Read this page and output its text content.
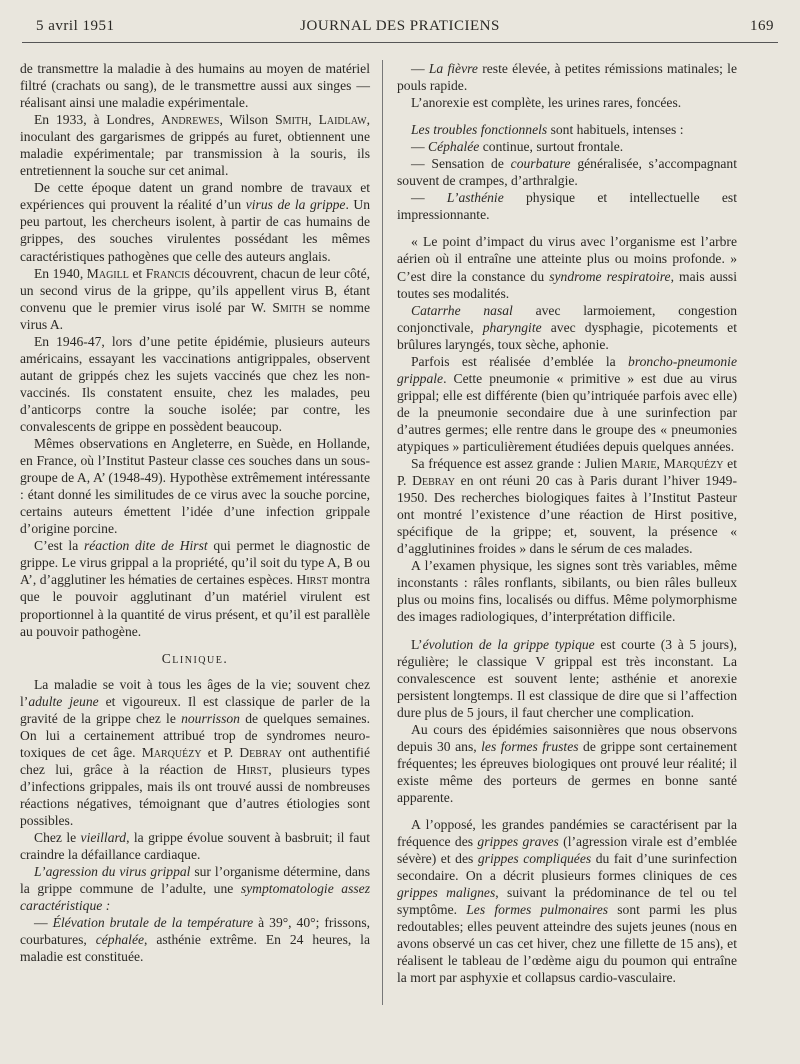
5 avril 1951	JOURNAL DES PRATICIENS	169

de transmettre la maladie à des humains au moyen de matériel filtré (crachats ou sang), de le transmettre aussi aux singes — réalisant ainsi une maladie expérimentale.

En 1933, à Londres, Andrewes, Wilson Smith, Laidlaw, inoculant des gargarismes de grippés au furet, obtiennent une maladie expérimentale; par transmission à la souris, ils entretiennent la souche sur cet animal.

De cette époque datent un grand nombre de travaux et expériences qui prouvent la réalité d’un virus de la grippe. Un peu partout, les chercheurs isolent, à partir de cas humains de grippes, des souches virulentes possédant les mêmes caractéristiques pathogènes que celle des auteurs anglais.

En 1940, Magill et Francis découvrent, chacun de leur côté, un second virus de la grippe, qu’ils appellent virus B, étant convenu que le premier virus isolé par W. Smith se nomme virus A.

En 1946-47, lors d’une petite épidémie, plusieurs auteurs américains, essayant les vaccinations antigrippales, observent autant de grippés chez les sujets vaccinés que chez les non-vaccinés. Ils constatent ensuite, chez les malades, peu d’anticorps contre la souche isolée; par contre, les convalescents de grippe en possèdent beaucoup.

Mêmes observations en Angleterre, en Suède, en Hollande, en France, où l’Institut Pasteur classe ces souches dans un sous-groupe de A, A’ (1948-49). Hypothèse extrêmement intéressante : étant donné les similitudes de ce virus avec la souche porcine, certains auteurs émettent l’idée d’une infection grippale d’origine porcine.

C’est la réaction dite de Hirst qui permet le diagnostic de grippe. Le virus grippal a la propriété, qu’il soit du type A, B ou A’, d’agglutiner les hématies de certaines espèces. Hirst montra que le pouvoir agglutinant d’un matériel virulent est proportionnel à la quantité de virus présent, et qu’il est parallèle au pouvoir pathogène.

Clinique.

La maladie se voit à tous les âges de la vie; souvent chez l’adulte jeune et vigoureux. Il est classique de parler de la gravité de la grippe chez le nourrisson de quelques semaines. On lui a certainement attribué trop de syndromes neuro-toxiques de cet âge. Marquézy et P. Debray ont authentifié chez lui, grâce à la réaction de Hirst, plusieurs types d’infections grippales, mais ils ont trouvé aussi de nombreuses réactions négatives, témoignant que d’autres étiologies sont possibles.

Chez le vieillard, la grippe évolue souvent à basbruit; il faut craindre la défaillance cardiaque.

L’agression du virus grippal sur l’organisme détermine, dans la grippe commune de l’adulte, une symptomatologie assez caractéristique :

— Élévation brutale de la température à 39°, 40°; frissons, courbatures, céphalée, asthénie extrême. En 24 heures, la maladie est constituée.

— La fièvre reste élevée, à petites rémissions matinales; le pouls rapide.

L’anorexie est complète, les urines rares, foncées.

Les troubles fonctionnels sont habituels, intenses :

— Céphalée continue, surtout frontale.

— Sensation de courbature généralisée, s’accompagnant souvent de crampes, d’arthralgie.

— L’asthénie physique et intellectuelle est impressionnante.

« Le point d’impact du virus avec l’organisme est l’arbre aérien où il entraîne une atteinte plus ou moins profonde. » C’est dire la constance du syndrome respiratoire, mais aussi toutes ses modalités.

Catarrhe nasal avec larmoiement, congestion conjonctivale, pharyngite avec dysphagie, picotements et brûlures laryngés, toux sèche, aphonie.

Parfois est réalisée d’emblée la broncho-pneumonie grippale. Cette pneumonie « primitive » est due au virus grippal; elle est différente (bien qu’intriquée parfois avec elle) de la pneumonie secondaire due à une surinfection par d’autres germes; elle rentre dans le groupe des « pneumonies atypiques » particulièrement étudiées depuis quelques années.

Sa fréquence est assez grande : Julien Marie, Marquézy et P. Debray en ont réuni 20 cas à Paris durant l’hiver 1949-1950. Des recherches biologiques faites à l’Institut Pasteur ont montré l’existence d’une réaction de Hirst positive, spécifique de la grippe; et, souvent, la présence « d’agglutinines froides » dans le sérum de ces malades.

A l’examen physique, les signes sont très variables, même inconstants : râles ronflants, sibilants, ou bien râles bulleux plus ou moins fins, localisés ou diffus. Même polymorphisme des images radiologiques, d’interprétation difficile.

L’évolution de la grippe typique est courte (3 à 5 jours), régulière; le classique V grippal est très inconstant. La convalescence est souvent lente; asthénie et anorexie persistent longtemps. Il est classique de dire que si l’affection dure plus de 5 jours, il faut chercher une complication.

Au cours des épidémies saisonnières que nous observons depuis 30 ans, les formes frustes de grippe sont certainement fréquentes; les épreuves biologiques ont prouvé leur réalité; il existe même des porteurs de germes en bonne santé apparente.

A l’opposé, les grandes pandémies se caractérisent par la fréquence des grippes graves (l’agression virale est d’emblée sévère) et des grippes compliquées du fait d’une surinfection secondaire. On a décrit plusieurs formes cliniques de ces grippes malignes, suivant la prédominance de tel ou tel symptôme. Les formes pulmonaires sont parmi les plus redoutables; elles peuvent atteindre des sujets jeunes (nous en avons observé un cas cet hiver, chez une fillette de 15 ans), et réalisent le tableau de l’œdème aigu du poumon qui entraîne la mort par asphyxie et collapsus cardio-vasculaire.
